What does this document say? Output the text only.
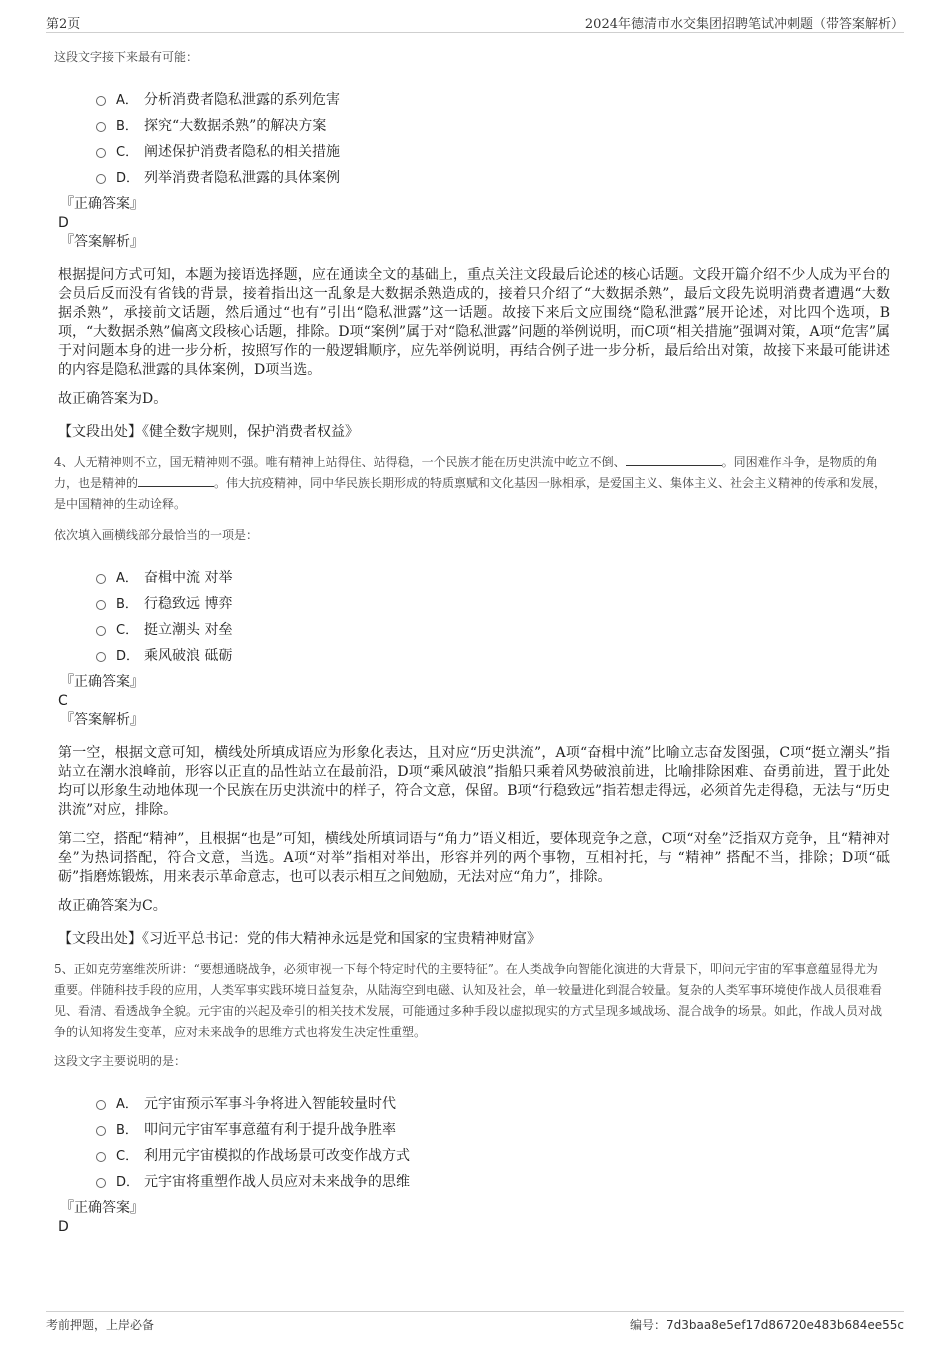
第2页	2024年德清市水交集团招聘笔试冲刺题（带答案解析）
这段文字接下来最有可能：
A． 分析消费者隐私泄露的系列危害
B． 探究“大数据杀熟”的解决方案
C． 阐述保护消费者隐私的相关措施
D． 列举消费者隐私泄露的具体案例
『正确答案』
D
『答案解析』
根据提问方式可知，本题为接语选择题，应在通读全文的基础上，重点关注文段最后论述的核心话题。文段开篇介绍不少人成为平台的会员后反而没有省钱的背景，接着指出这一乱象是大数据杀熟造成的，接着只介绍了“大数据杀熟”，最后文段先说明消费者遭遇“大数据杀熟”，承接前文话题，然后通过“也有”引出“隐私泄露”这一话题。故接下来后文应围绕“隐私泄露”展开论述，对比四个选项，B项，“大数据杀熟”偏离文段核心话题，排除。D项“案例”属于对“隐私泄露”问题的举例说明，而C项“相关措施”强调对策，A项“危害”属于对问题本身的进一步分析，按照写作的一般逻辑顺序，应先举例说明，再结合例子进一步分析，最后给出对策，故接下来最可能讲述的内容是隐私泄露的具体案例，D项当选。
故正确答案为D。
【文段出处】《健全数字规则，保护消费者权益》
4、人无精神则不立，国无精神则不强。唯有精神上站得住、站得稳，一个民族才能在历史洪流中屹立不倒、	。同困难作斗争，是物质的角力，也是精神的	。伟大抗疫精神，同中华民族长期形成的特质禀赋和文化基因一脉相承，是爱国主义、集体主义、社会主义精神的传承和发展，是中国精神的生动诠释。
依次填入画横线部分最恰当的一项是：
A． 奋楫中流 对举
B． 行稳致远 博弈
C． 挺立潮头 对垒
D． 乘风破浪 砥砺
『正确答案』
C
『答案解析』
第一空，根据文意可知，横线处所填成语应为形象化表达，且对应“历史洪流”，A项“奋楫中流”比喻立志奋发图强，C项“挺立潮头”指站立在潮水浪峰前，形容以正直的品性站立在最前沿，D项“乘风破浪”指船只乘着风势破浪前进，比喻排除困难、奋勇前进，置于此处均可以形象生动地体现一个民族在历史洪流中的样子，符合文意，保留。B项“行稳致远”指若想走得远，必须首先走得稳，无法与“历史洪流”对应，排除。
第二空，搭配“精神”，且根据“也是”可知，横线处所填词语与“角力”语义相近，要体现竞争之意，C项“对垒”泛指双方竞争，且“精神对垒”为热词搭配，符合文意，当选。A项“对举”指相对举出，形容并列的两个事物，互相衬托，与 “精神” 搭配不当，排除；D项“砥砺”指磨炼锻炼，用来表示革命意志，也可以表示相互之间勉励，无法对应“角力”，排除。
故正确答案为C。
【文段出处】《习近平总书记：党的伟大精神永远是党和国家的宝贵精神财富》
5、正如克劳塞维茨所讲：“要想通晓战争，必须审视一下每个特定时代的主要特征”。在人类战争向智能化演进的大背景下，叩问元宇宙的军事意蕴显得尤为重要。伴随科技手段的应用，人类军事实践环境日益复杂，从陆海空到电磁、认知及社会，单一较量进化到混合较量。复杂的人类军事环境使作战人员很难看见、看清、看透战争全貌。元宇宙的兴起及牵引的相关技术发展，可能通过多种手段以虚拟现实的方式呈现多域战场、混合战争的场景。如此，作战人员对战争的认知将发生变革，应对未来战争的思维方式也将发生决定性重塑。
这段文字主要说明的是：
A． 元宇宙预示军事斗争将进入智能较量时代
B． 叩问元宇宙军事意蕴有利于提升战争胜率
C． 利用元宇宙模拟的作战场景可改变作战方式
D． 元宇宙将重塑作战人员应对未来战争的思维
『正确答案』
D
考前押题，上岸必备	编号：7d3baa8e5ef17d86720e483b684ee55c
